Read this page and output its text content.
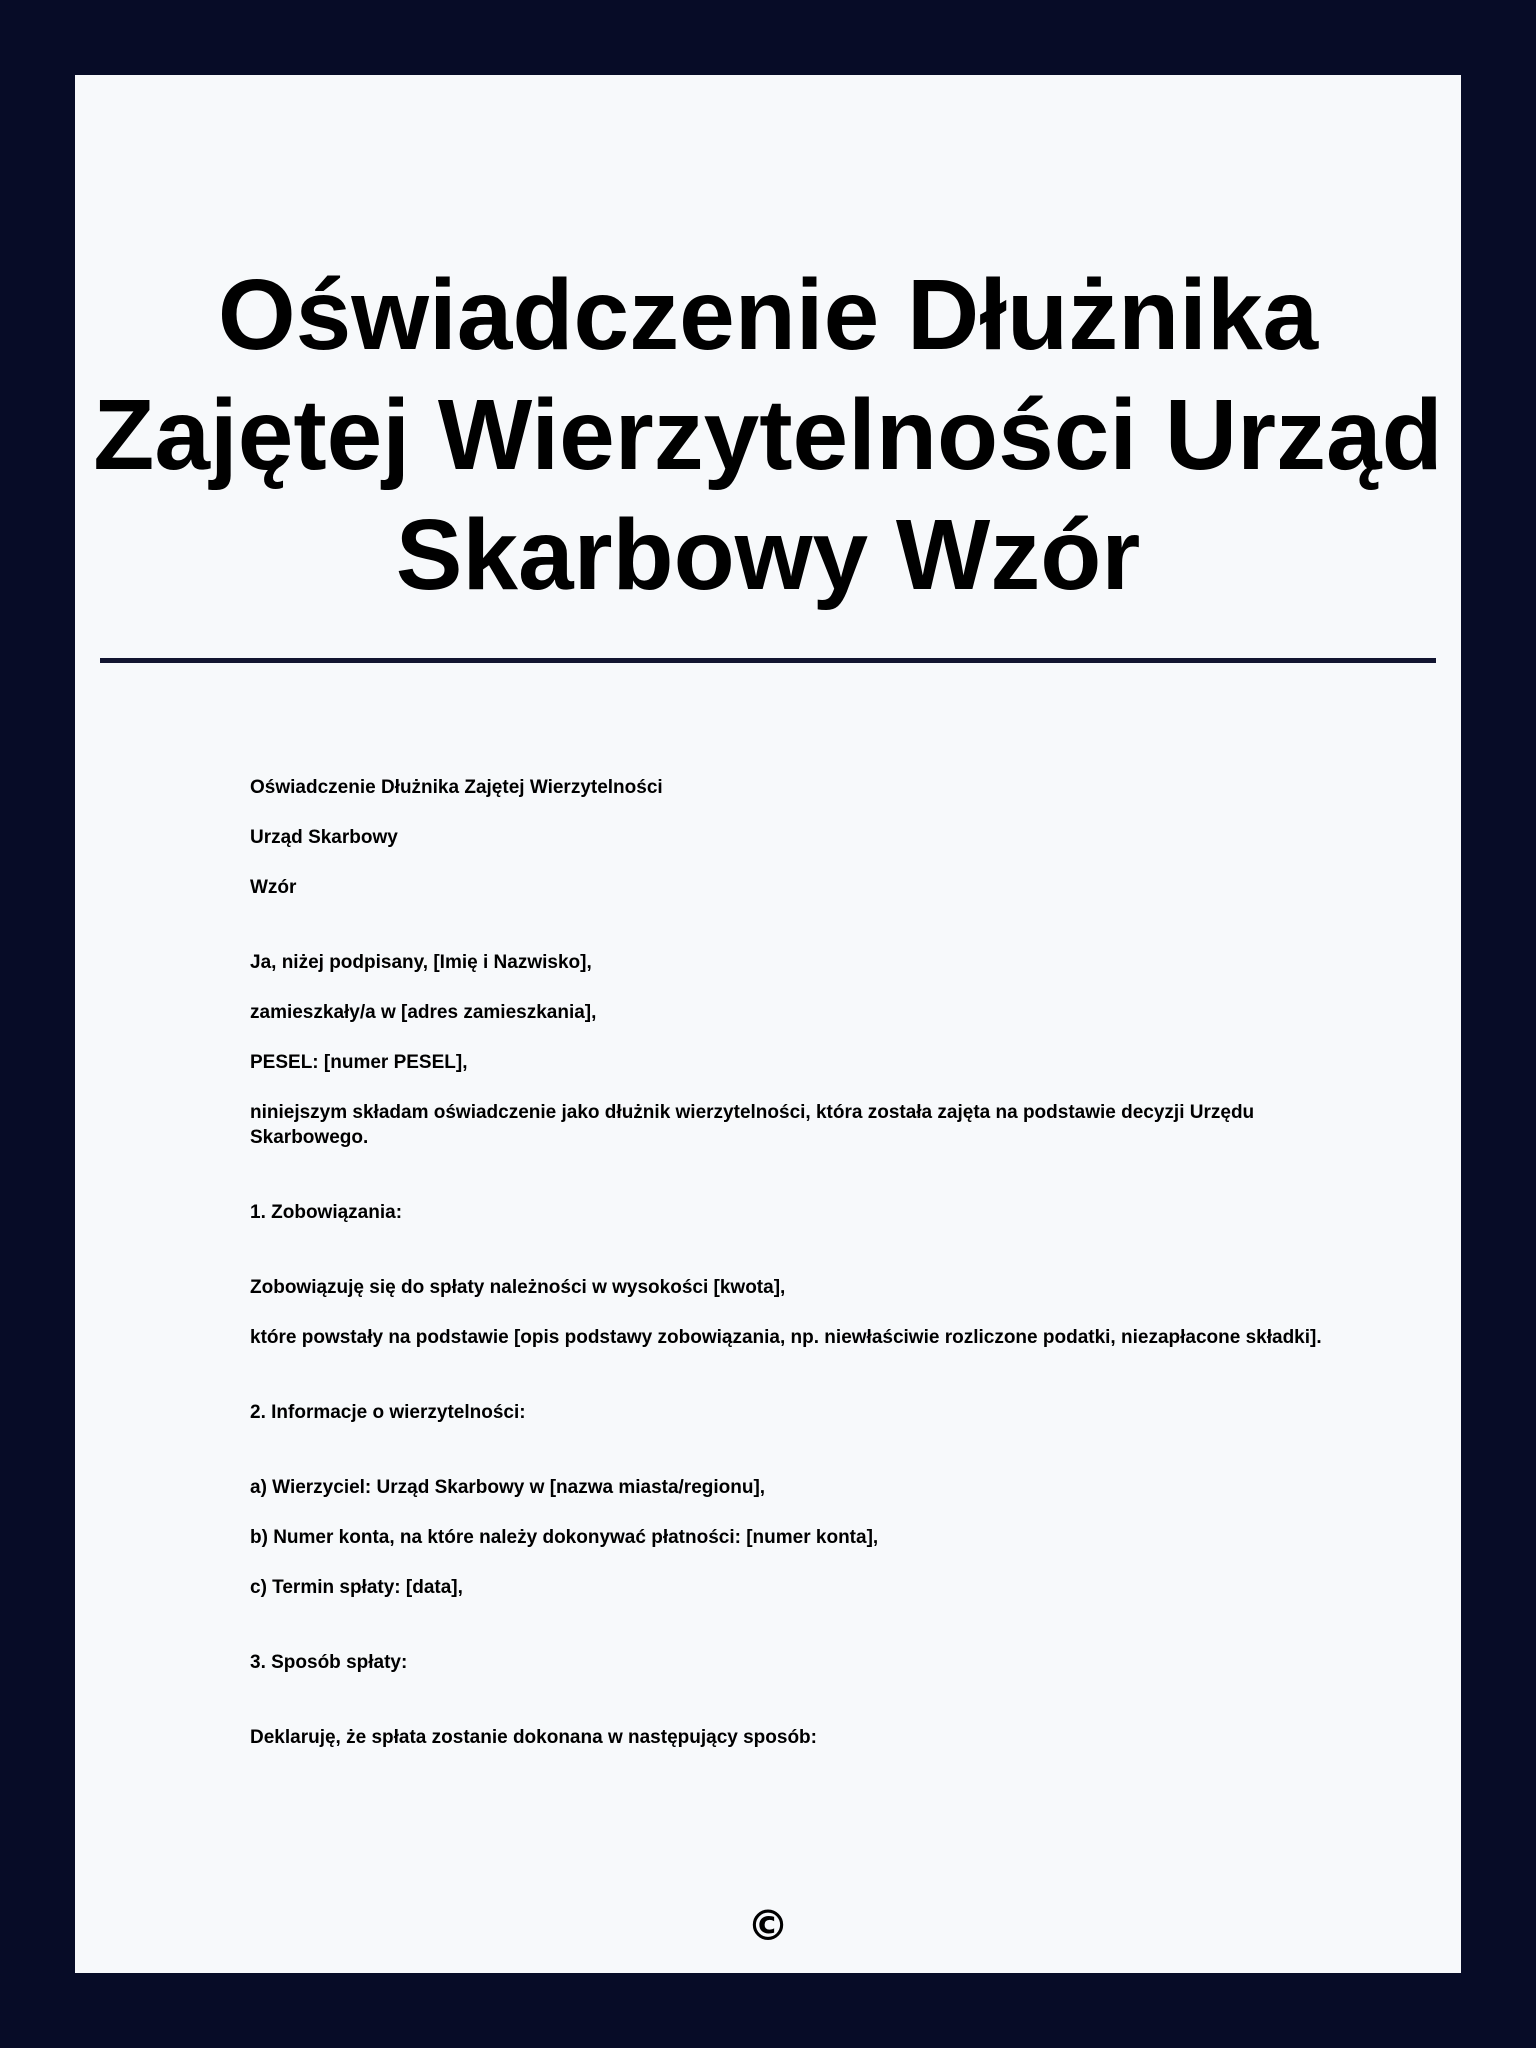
Oświadczenie Dłużnika Zajętej Wierzytelności Urząd Skarbowy Wzór

Oświadczenie Dłużnika Zajętej Wierzytelności

Urząd Skarbowy

Wzór

Ja, niżej podpisany, [Imię i Nazwisko],

zamieszkały/a w [adres zamieszkania],

PESEL: [numer PESEL],

niniejszym składam oświadczenie jako dłużnik wierzytelności, która została zajęta na podstawie decyzji Urzędu Skarbowego.

1. Zobowiązania:

Zobowiązuję się do spłaty należności w wysokości [kwota],

które powstały na podstawie [opis podstawy zobowiązania, np. niewłaściwie rozliczone podatki, niezapłacone składki].

2. Informacje o wierzytelności:

a) Wierzyciel: Urząd Skarbowy w [nazwa miasta/regionu],

b) Numer konta, na które należy dokonywać płatności: [numer konta],

c) Termin spłaty: [data],

3. Sposób spłaty:

Deklaruję, że spłata zostanie dokonana w następujący sposób:

©
